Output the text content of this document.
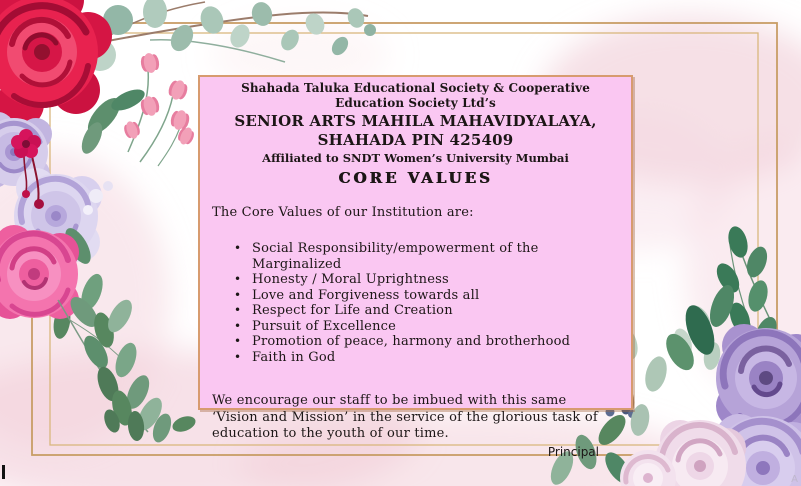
Shahada Taluka Educational Society & Cooperative Education Society Ltd’s
SENIOR ARTS MAHILA MAHAVIDYALAYA, SHAHADA PIN 425409
Affiliated to SNDT Women’s University Mumbai
CORE VALUES
The Core Values of our Institution are:
• Social Responsibility/empowerment of the Marginalized
• Honesty / Moral Uprightness
• Love and Forgiveness towards all
• Respect for Life and Creation
• Pursuit of Excellence
• Promotion of peace, harmony and brotherhood
• Faith in God
We encourage our staff to be imbued with this same ‘Vision and Mission’ in the service of the glorious task of education to the youth of our time.
Principal
A
